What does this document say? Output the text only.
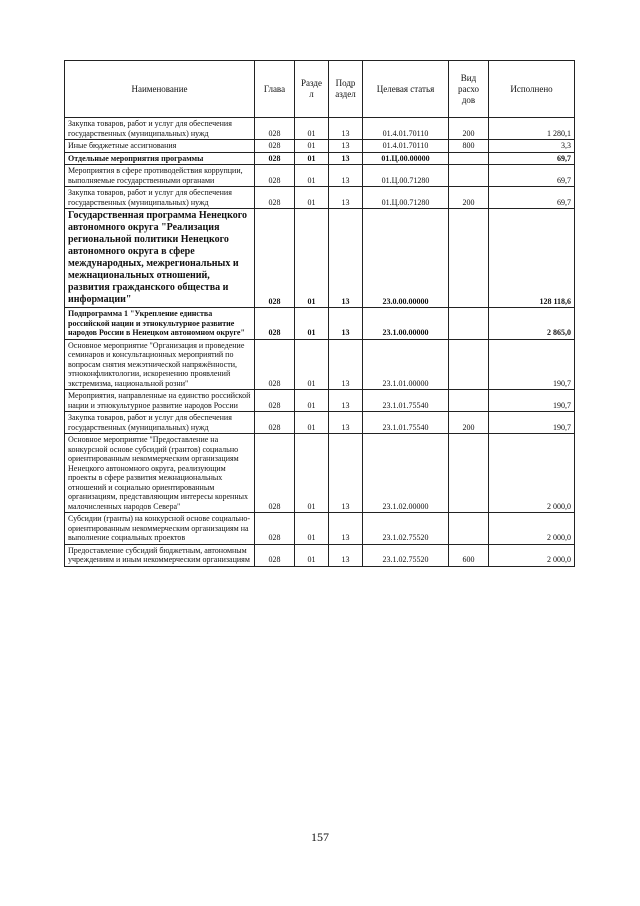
Наименование	Глава	Разде л	Подр аздел	Целевая статья	Вид расхо дов	Исполнено
Закупка товаров, работ и услуг для обеспечения государственных (муниципальных) нужд	028	01	13	01.4.01.70110	200	1 280,1
Иные бюджетные ассигнования	028	01	13	01.4.01.70110	800	3,3
Отдельные мероприятия программы	028	01	13	01.Ц.00.00000		69,7
Мероприятия в сфере противодействия коррупции, выполняемые государственными органами	028	01	13	01.Ц.00.71280		69,7
Закупка товаров, работ и услуг для обеспечения государственных (муниципальных) нужд	028	01	13	01.Ц.00.71280	200	69,7
Государственная программа Ненецкого автономного округа "Реализация региональной политики Ненецкого автономного округа в сфере международных, межрегиональных и межнациональных отношений, развития гражданского общества и информации"	028	01	13	23.0.00.00000		128 118,6
Подпрограмма 1 "Укрепление единства российской нации и этнокультурное развитие народов России в Ненецком автономном округе"	028	01	13	23.1.00.00000		2 865,0
Основное мероприятие "Организация и проведение семинаров и консультационных мероприятий по вопросам снятия межэтнической напряжённости, этноконфликтологии, искоренению проявлений экстремизма, национальной розни"	028	01	13	23.1.01.00000		190,7
Мероприятия, направленные на единство российской нации и этнокультурное развитие народов России	028	01	13	23.1.01.75540		190,7
Закупка товаров, работ и услуг для обеспечения государственных (муниципальных) нужд	028	01	13	23.1.01.75540	200	190,7
Основное мероприятие "Предоставление на конкурсной основе субсидий (грантов) социально ориентированным некоммерческим организациям Ненецкого автономного округа, реализующим проекты в сфере развития межнациональных отношений и социально ориентированным организациям, представляющим интересы коренных малочисленных народов Севера"	028	01	13	23.1.02.00000		2 000,0
Субсидии (гранты) на конкурсной основе социально-ориентированным некоммерческим организациям на выполнение социальных проектов	028	01	13	23.1.02.75520		2 000,0
Предоставление субсидий бюджетным, автономным учреждениям и иным некоммерческим организациям	028	01	13	23.1.02.75520	600	2 000,0
157
